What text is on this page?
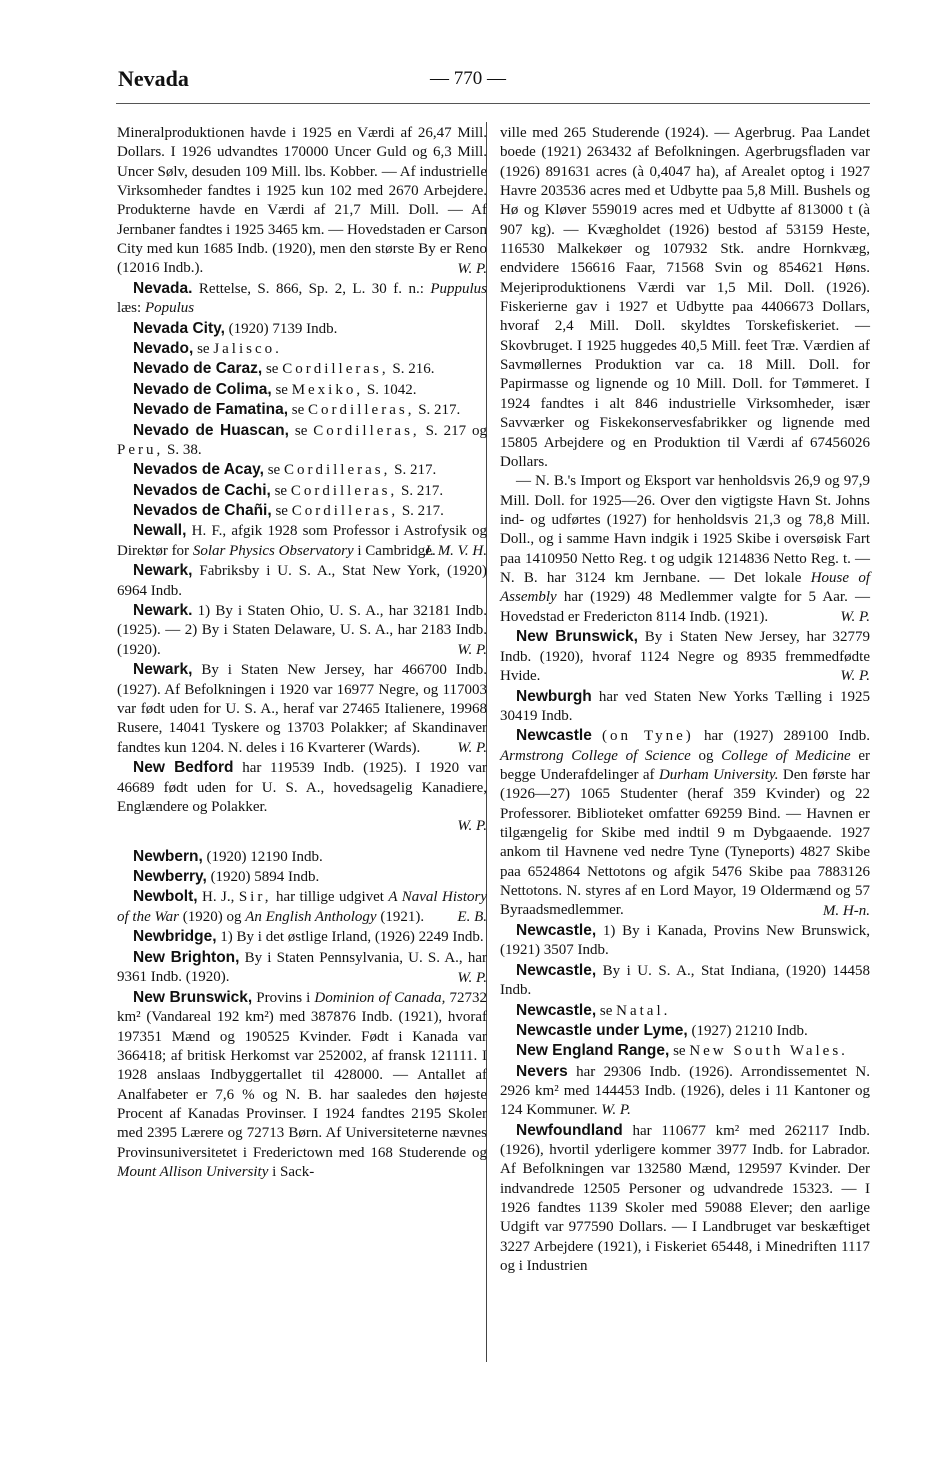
Nevada	— 770 —

Mineralproduktionen havde i 1925 en Værdi af 26,47 Mill. Dollars. I 1926 udvandtes 170000 Uncer Guld og 6,3 Mill. Uncer Sølv, desuden 109 Mill. lbs. Kobber. — Af industrielle Virksomheder fandtes i 1925 kun 102 med 2670 Arbejdere. Produkterne havde en Værdi af 21,7 Mill. Doll. — Af Jernbaner fandtes i 1925 3465 km. — Hovedstaden er Carson City med kun 1685 Indb. (1920), men den største By er Reno (12016 Indb.).	W. P.

Nevada. Rettelse, S. 866, Sp. 2, L. 30 f. n.: Puppulus læs: Populus

Nevada City, (1920) 7139 Indb.

Nevado, se Jalisco.

Nevado de Caraz, se Cordilleras, S. 216.

Nevado de Colima, se Mexiko, S. 1042.

Nevado de Famatina, se Cordilleras, S. 217.

Nevado de Huascan, se Cordilleras, S. 217 og Peru, S. 38.

Nevados de Acay, se Cordilleras, S. 217.

Nevados de Cachi, se Cordilleras, S. 217.

Nevados de Chañi, se Cordilleras, S. 217.

Newall, H. F., afgik 1928 som Professor i Astrofysik og Direktør for Solar Physics Observatory i Cambridge.
J. M. V. H.

Newark, Fabriksby i U. S. A., Stat New York, (1920) 6964 Indb.

Newark. 1) By i Staten Ohio, U. S. A., har 32181 Indb. (1925). — 2) By i Staten Delaware, U. S. A., har 2183 Indb. (1920).	W. P.

Newark, By i Staten New Jersey, har 466700 Indb. (1927). Af Befolkningen i 1920 var 16977 Negre, og 117003 var født uden for U. S. A., heraf var 27465 Italienere, 19968 Rusere, 14041 Tyskere og 13703 Polakker; af Skandinaver fandtes kun 1204. N. deles i 16 Kvarterer (Wards).	W. P.

New Bedford har 119539 Indb. (1925). I 1920 var 46689 født uden for U. S. A., hovedsagelig Kanadiere, Englændere og Polakker.
W. P.

Newbern, (1920) 12190 Indb.

Newberry, (1920) 5894 Indb.

Newbolt, H. J., Sir, har tillige udgivet A Naval History of the War (1920) og An English Anthology (1921).	E. B.

Newbridge, 1) By i det østlige Irland, (1926) 2249 Indb.

New Brighton, By i Staten Pennsylvania, U. S. A., har 9361 Indb. (1920).	W. P.

New Brunswick, Provins i Dominion of Canada, 72732 km² (Vandareal 192 km²) med 387876 Indb. (1921), hvoraf 197351 Mænd og 190525 Kvinder. Født i Kanada var 366418; af britisk Herkomst var 252002, af fransk 121111. I 1928 anslaas Indbyggertallet til 428000. — Antallet af Analfabeter er 7,6 % og N. B. har saaledes den højeste Procent af Kanadas Provinser. I 1924 fandtes 2195 Skoler med 2395 Lærere og 72713 Børn. Af Universiteterne nævnes Provinsuniversitetet i Frederictown med 168 Studerende og Mount Allison University i Sack-

ville med 265 Studerende (1924). — Agerbrug. Paa Landet boede (1921) 263432 af Befolkningen. Agerbrugsfladen var (1926) 891631 acres (à 0,4047 ha), af Arealet optog i 1927 Havre 203536 acres med et Udbytte paa 5,8 Mill. Bushels og Hø og Kløver 559019 acres med et Udbytte af 813000 t (à 907 kg). — Kvægholdet (1926) bestod af 53159 Heste, 116530 Malkekøer og 107932 Stk. andre Hornkvæg, endvidere 156616 Faar, 71568 Svin og 854621 Høns. Mejeriproduktionens Værdi var 1,5 Mil. Doll. (1926). Fiskerierne gav i 1927 et Udbytte paa 4406673 Dollars, hvoraf 2,4 Mill. Doll. skyldtes Torskefiskeriet. — Skovbruget. I 1925 huggedes 40,5 Mill. feet Træ. Værdien af Savmøllernes Produktion var ca. 18 Mill. Doll. for Papirmasse og lignende og 10 Mill. Doll. for Tømmeret. I 1924 fandtes i alt 846 industrielle Virksomheder, især Savværker og Fiskekonservesfabrikker og lignende med 15805 Arbejdere og en Produktion til Værdi af 67456026 Dollars.

— N. B.'s Import og Eksport var henholdsvis 26,9 og 97,9 Mill. Doll. for 1925—26. Over den vigtigste Havn St. Johns ind- og udførtes (1927) for henholdsvis 21,3 og 78,8 Mill. Doll., og i samme Havn indgik i 1925 Skibe i oversøisk Fart paa 1410950 Netto Reg. t og udgik 1214836 Netto Reg. t. — N. B. har 3124 km Jernbane. — Det lokale House of Assembly har (1929) 48 Medlemmer valgte for 5 Aar. — Hovedstad er Fredericton 8114 Indb. (1921).	W. P.

New Brunswick, By i Staten New Jersey, har 32779 Indb. (1920), hvoraf 1124 Negre og 8935 fremmedfødte Hvide.	W. P.

Newburgh har ved Staten New Yorks Tælling i 1925 30419 Indb.

Newcastle (on Tyne) har (1927) 289100 Indb. Armstrong College of Science og College of Medicine er begge Underafdelinger af Durham University. Den første har (1926—27) 1065 Studenter (heraf 359 Kvinder) og 22 Professorer. Biblioteket omfatter 69259 Bind. — Havnen er tilgængelig for Skibe med indtil 9 m Dybgaaende. 1927 ankom til Havnene ved nedre Tyne (Tyneports) 4827 Skibe paa 6524864 Nettotons og afgik 5476 Skibe paa 7883126 Nettotons. N. styres af en Lord Mayor, 19 Oldermænd og 57 Byraadsmedlemmer.	M. H-n.

Newcastle, 1) By i Kanada, Provins New Brunswick, (1921) 3507 Indb.

Newcastle, By i U. S. A., Stat Indiana, (1920) 14458 Indb.

Newcastle, se Natal.

Newcastle under Lyme, (1927) 21210 Indb.

New England Range, se New South Wales.

Nevers har 29306 Indb. (1926). Arrondissementet N. 2926 km² med 144453 Indb. (1926), deles i 11 Kantoner og 124 Kommuner. W. P.

Newfoundland har 110677 km² med 262117 Indb. (1926), hvortil yderligere kommer 3977 Indb. for Labrador. Af Befolkningen var 132580 Mænd, 129597 Kvinder. Der indvandrede 12505 Personer og udvandrede 15323. — I 1926 fandtes 1139 Skoler med 59088 Elever; den aarlige Udgift var 977590 Dollars. — I Landbruget var beskæftiget 3227 Arbejdere (1921), i Fiskeriet 65448, i Minedriften 1117 og i Industrien
